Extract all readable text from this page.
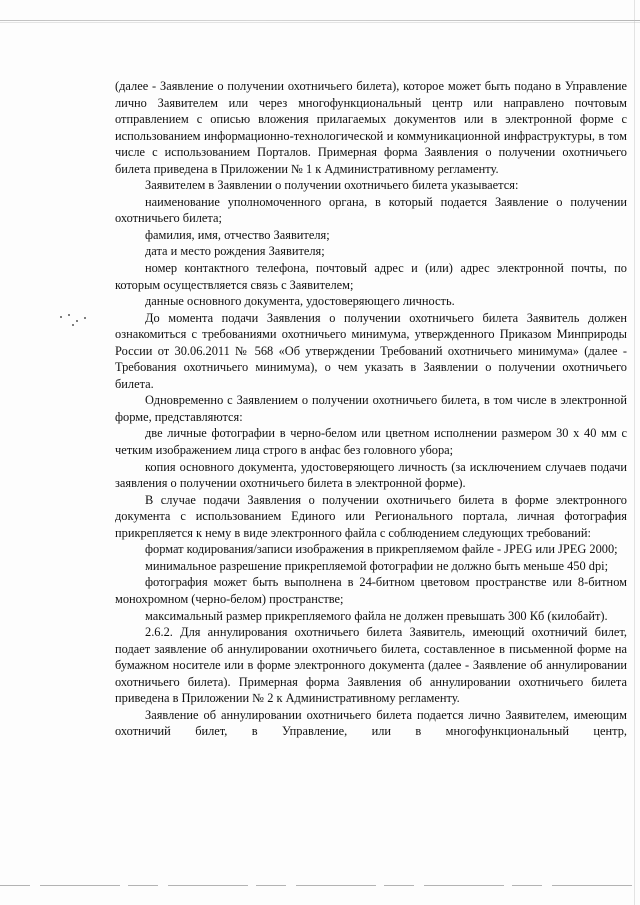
(далее - Заявление о получении охотничьего билета), которое может быть подано в Управление лично Заявителем или через многофункциональный центр или направлено почтовым отправлением с описью вложения прилагаемых документов или в электронной форме с использованием информационно-технологической и коммуникационной инфраструктуры, в том числе с использованием Порталов. Примерная форма Заявления о получении охотничьего билета приведена в Приложении № 1 к Административному регламенту.

Заявителем в Заявлении о получении охотничьего билета указывается:

наименование уполномоченного органа, в который подается Заявление о получении охотничьего билета;

фамилия, имя, отчество Заявителя;

дата и место рождения Заявителя;

номер контактного телефона, почтовый адрес и (или) адрес электронной почты, по которым осуществляется связь с Заявителем;

данные основного документа, удостоверяющего личность.

До момента подачи Заявления о получении охотничьего билета Заявитель должен ознакомиться с требованиями охотничьего минимума, утвержденного Приказом Минприроды России от 30.06.2011 № 568 «Об утверждении Требований охотничьего минимума» (далее - Требования охотничьего минимума), о чем указать в Заявлении о получении охотничьего билета.

Одновременно с Заявлением о получении охотничьего билета, в том числе в электронной форме, представляются:

две личные фотографии в черно-белом или цветном исполнении размером 30 х 40 мм с четким изображением лица строго в анфас без головного убора;

копия основного документа, удостоверяющего личность (за исключением случаев подачи заявления о получении охотничьего билета в электронной форме).

В случае подачи Заявления о получении охотничьего билета в форме электронного документа с использованием Единого или Регионального портала, личная фотография прикрепляется к нему в виде электронного файла с соблюдением следующих требований:

формат кодирования/записи изображения в прикрепляемом файле - JPEG или JPEG 2000;

минимальное разрешение прикрепляемой фотографии не должно быть меньше 450 dpi;

фотография может быть выполнена в 24-битном цветовом пространстве или 8-битном монохромном (черно-белом) пространстве;

максимальный размер прикрепляемого файла не должен превышать 300 Кб (килобайт).

2.6.2. Для аннулирования охотничьего билета Заявитель, имеющий охотничий билет, подает заявление об аннулировании охотничьего билета, составленное в письменной форме на бумажном носителе или в форме электронного документа (далее - Заявление об аннулировании охотничьего билета). Примерная форма Заявления об аннулировании охотничьего билета приведена в Приложении № 2 к Административному регламенту.

Заявление об аннулировании охотничьего билета подается лично Заявителем, имеющим охотничий билет, в Управление, или в многофункциональный центр,
